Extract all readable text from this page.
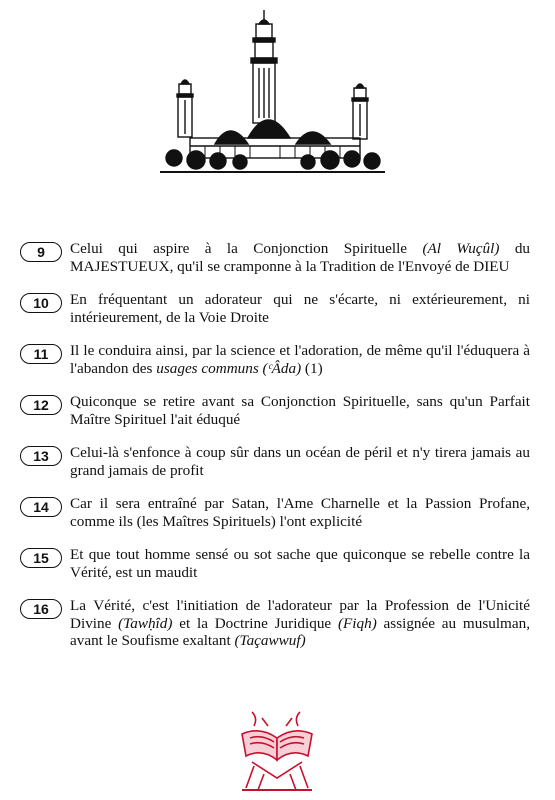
9	Celui qui aspire à la Conjonction Spirituelle (Al Wuçûl) du MAJESTUEUX, qu'il se cramponne à la Tradition de l'Envoyé de DIEU
10	En fréquentant un adorateur qui ne s'écarte, ni extérieurement, ni intérieurement, de la Voie Droite
11	Il le conduira ainsi, par la science et l'adoration, de même qu'il l'éduquera à l'abandon des usages communs (ᶜÂda) (1)
12	Quiconque se retire avant sa Conjonction Spirituelle, sans qu'un Parfait Maître Spirituel l'ait éduqué
13	Celui-là s'enfonce à coup sûr dans un océan de péril et n'y tirera jamais au grand jamais de profit
14	Car il sera entraîné par Satan, l'Ame Charnelle et la Passion Profane, comme ils (les Maîtres Spirituels) l'ont explicité
15	Et que tout homme sensé ou sot sache que quiconque se rebelle contre la Vérité, est un maudit
16	La Vérité, c'est l'initiation de l'adorateur par la Profession de l'Unicité Divine (Tawḥîd) et la Doctrine Juridique (Fiqh) assignée au musulman, avant le Soufisme exaltant (Taçawwuf)
